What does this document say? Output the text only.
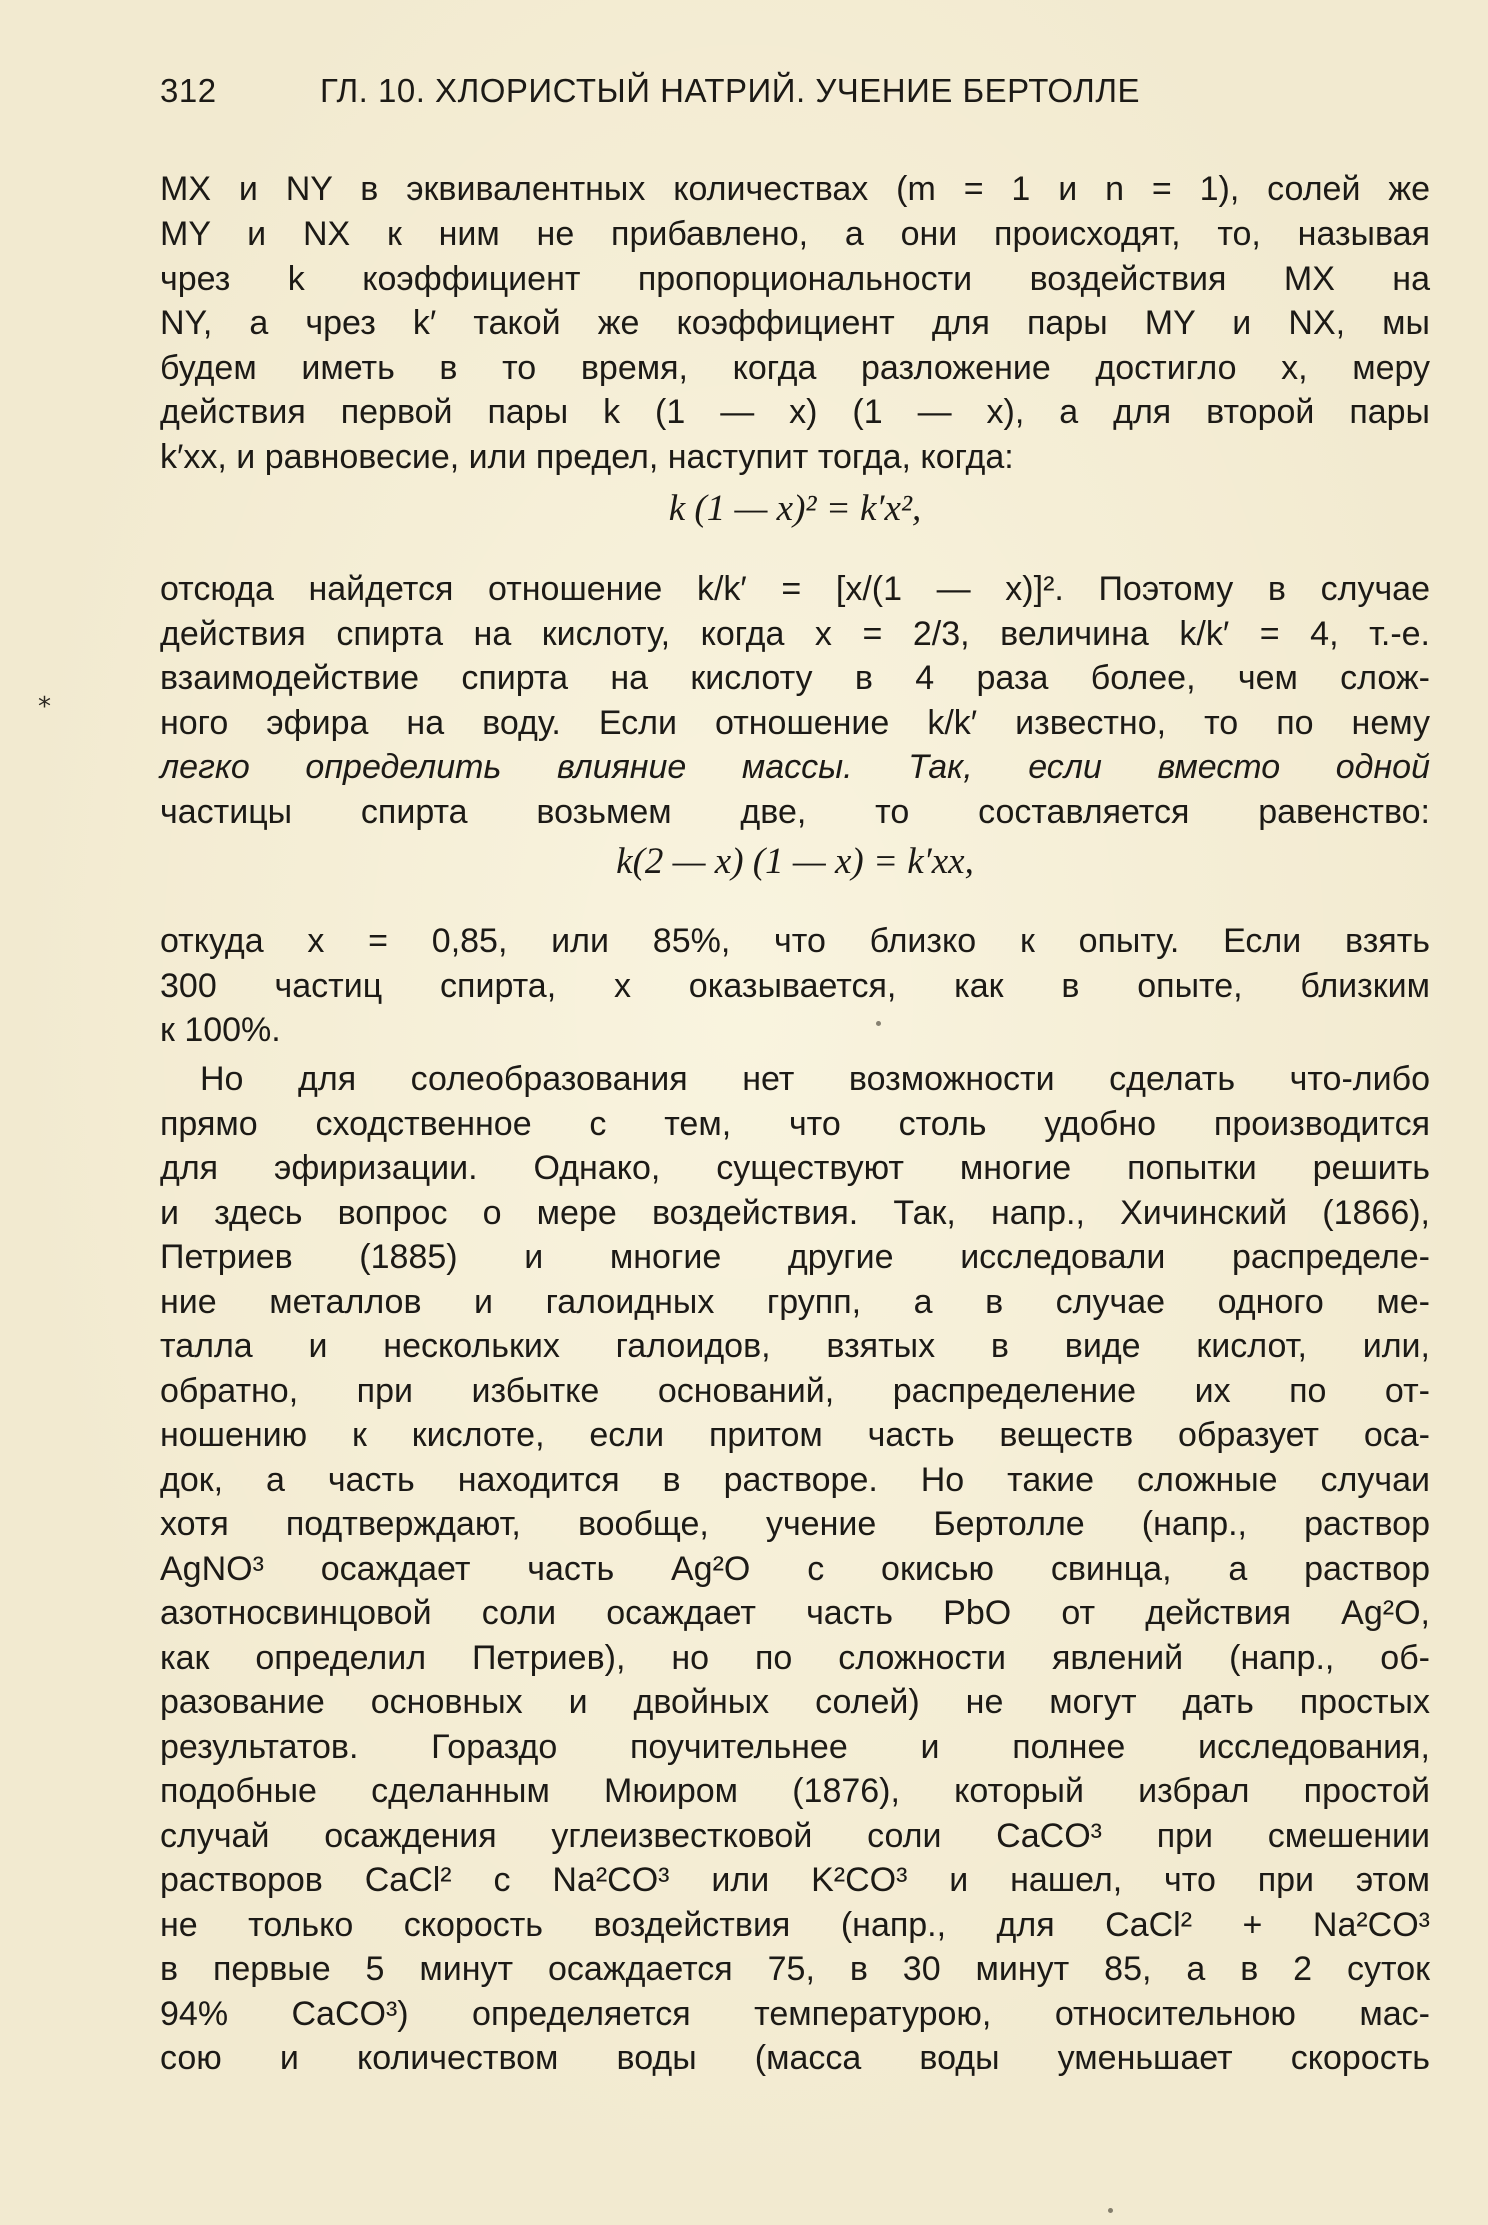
312	ГЛ. 10. ХЛОРИСТЫЙ НАТРИЙ. УЧЕНИЕ БЕРТОЛЛЕ
*
MX и NY в эквивалентных количествах (m = 1 и n = 1), солей же
MY и NX к ним не прибавлено, а они происходят, то, называя
чрез k коэффициент пропорциональности воздействия MX на
NY, а чрез k′ такой же коэффициент для пары MY и NX, мы
будем иметь в то время, когда разложение достигло x, меру
действия первой пары k (1 — x) (1 — x), а для второй пары
k′xx, и равновесие, или предел, наступит тогда, когда:
k (1 — x)² = k′x²,
отсюда найдется отношение k/k′ = [x/(1 — x)]². Поэтому в случае
действия спирта на кислоту, когда x = 2/3, величина k/k′ = 4, т.-е.
взаимодействие спирта на кислоту в 4 раза более, чем слож-
ного эфира на воду. Если отношение k/k′ известно, то по нему
легко определить влияние массы. Так, если вместо одной
частицы спирта возьмем две, то составляется равенство:
k(2 — x) (1 — x) = k′xx,
откуда x = 0,85, или 85%, что близко к опыту. Если взять
300 частиц спирта, x оказывается, как в опыте, близким
к 100%.
Но для солеобразования нет возможности сделать что-либо
прямо сходственное с тем, что столь удобно производится
для эфиризации. Однако, существуют многие попытки решить
и здесь вопрос о мере воздействия. Так, напр., Хичинский (1866),
Петриев (1885) и многие другие исследовали распределе-
ние металлов и галоидных групп, а в случае одного ме-
талла и нескольких галоидов, взятых в виде кислот, или,
обратно, при избытке оснований, распределение их по от-
ношению к кислоте, если притом часть веществ образует оса-
док, а часть находится в растворе. Но такие сложные случаи
хотя подтверждают, вообще, учение Бертолле (напр., раствор
AgNO³ осаждает часть Ag²O с окисью свинца, а раствор
азотносвинцовой соли осаждает часть PbO от действия Ag²O,
как определил Петриев), но по сложности явлений (напр., об-
разование основных и двойных солей) не могут дать простых
результатов. Гораздо поучительнее и полнее исследования,
подобные сделанным Мюиром (1876), который избрал простой
случай осаждения углеизвестковой соли CaCO³ при смешении
растворов CaCl² с Na²CO³ или K²CO³ и нашел, что при этом
не только скорость воздействия (напр., для CaCl² + Na²CO³
в первые 5 минут осаждается 75, в 30 минут 85, а в 2 суток
94% CaCO³) определяется температурою, относительною мас-
сою и количеством воды (масса воды уменьшает скорость
